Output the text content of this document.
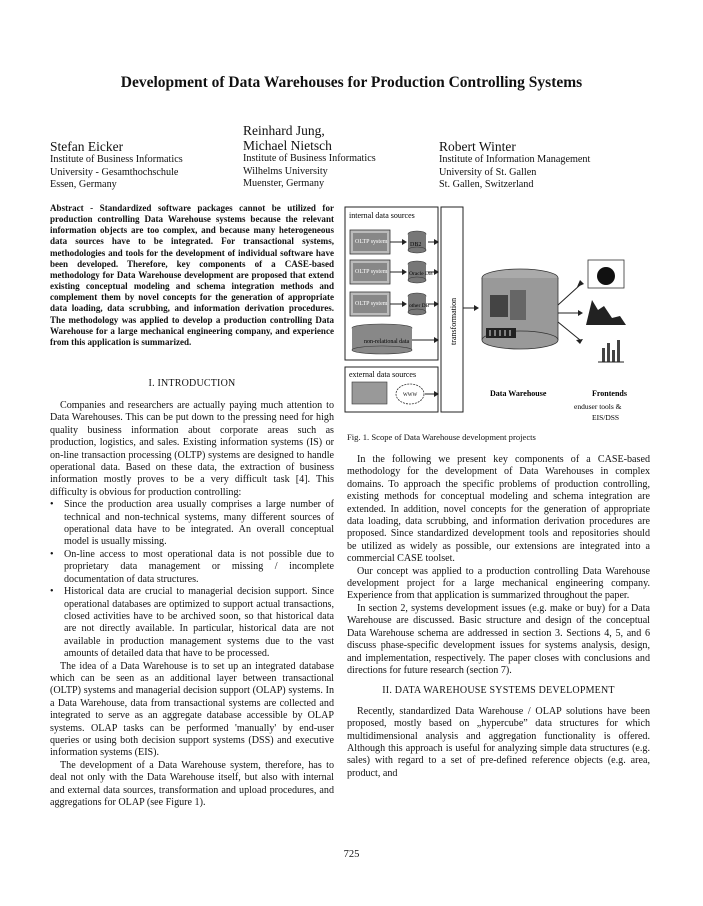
Development of Data Warehouses for Production Controlling Systems
Stefan Eicker
Institute of Business Informatics
University - Gesamthochschule
Essen, Germany
Reinhard Jung,
Michael Nietsch
Institute of Business Informatics
Wilhelms University
Muenster, Germany
Robert Winter
Institute of Information Management
University of St. Gallen
St. Gallen, Switzerland
Abstract - Standardized software packages cannot be utilized for production controlling Data Warehouse systems because the relevant information objects are too complex, and because many heterogeneous data sources have to be integrated. For transactional systems, methodologies and tools for the development of individual software have been developed. Therefore, key components of a CASE-based methodology for Data Warehouse development are proposed that extend existing conceptual modeling and schema integration methods and complement them by novel concepts for the generation of appropriate data loading, data scrubbing, and information derivation procedures. The methodology was applied to develop a production controlling Data Warehouse for a large mechanical engineering company, and experience from this application is summarized.
I. INTRODUCTION

Companies and researchers are actually paying much attention to Data Warehouses. This can be put down to the pressing need for high quality business information about corporate areas such as production, logistics, and sales. Existing information systems (IS) or on-line transaction processing (OLTP) systems are designed to handle operational data. Based on these data, the extraction of business information mostly proves to be a very difficult task [4]. This difficulty is obvious for production controlling:

• Since the production area usually comprises a large number of technical and non-technical systems, many different sources of operational data have to be integrated. An overall conceptual model is usually missing.
• On-line access to most operational data is not possible due to proprietary data management or missing / incomplete documentation of data structures.
• Historical data are crucial to managerial decision support. Since operational databases are optimized to support actual transactions, closed activities have to be archived soon, so that historical data are not directly available. In particular, historical data are not available in production management systems due to the vast amounts of detailed data that have to be processed.

The idea of a Data Warehouse is to set up an integrated database which can be seen as an additional layer between transactional (OLTP) systems and managerial decision support (OLAP) systems. In a Data Warehouse, data from transactional systems are collected and integrated to serve as an aggregate database accessible by OLAP systems. OLAP tasks can be performed 'manually' by end-user queries or using both decision support systems (DSS) and executive information systems (EIS).

The development of a Data Warehouse system, therefore, has to deal not only with the Data Warehouse itself, but also with internal and external data sources, transformation and upload procedures, and aggregations for OLAP (see Figure 1).

internal data sources
OLTP system	DB2
OLTP system	Oracle DB
OLTP system	other DB
non-relational data
external data sources
WWW
transformation
Data Warehouse	Frontends
enduser tools &
EIS/DSS
Fig. 1. Scope of Data Warehouse development projects

In the following we present key components of a CASE-based methodology for the development of Data Warehouses in complex domains. To approach the specific problems of production controlling, existing methods for conceptual modeling and schema integration are extended. In addition, novel concepts for the generation of appropriate data loading, data scrubbing, and information derivation procedures are proposed. Since standardized development tools and repositories should be utilized as widely as possible, our extensions are integrated into a commercial CASE toolset.

Our concept was applied to a production controlling Data Warehouse development project for a large mechanical engineering company. Experience from that application is summarized throughout the paper.

In section 2, systems development issues (e.g. make or buy) for a Data Warehouse are discussed. Basic structure and design of the conceptual Data Warehouse schema are addressed in section 3. Sections 4, 5, and 6 discuss phase-specific development issues for systems analysis, design, and implementation, respectively. The paper closes with conclusions and directions for future research (section 7).

II. DATA WAREHOUSE SYSTEMS DEVELOPMENT

Recently, standardized Data Warehouse / OLAP solutions have been proposed, mostly based on „hypercube” data structures for which multidimensional analysis and aggregation functionality is offered. Although this approach is useful for analyzing simple data structures (e.g. sales) with regard to a set of pre-defined reference objects (e.g. area, product, and

725
